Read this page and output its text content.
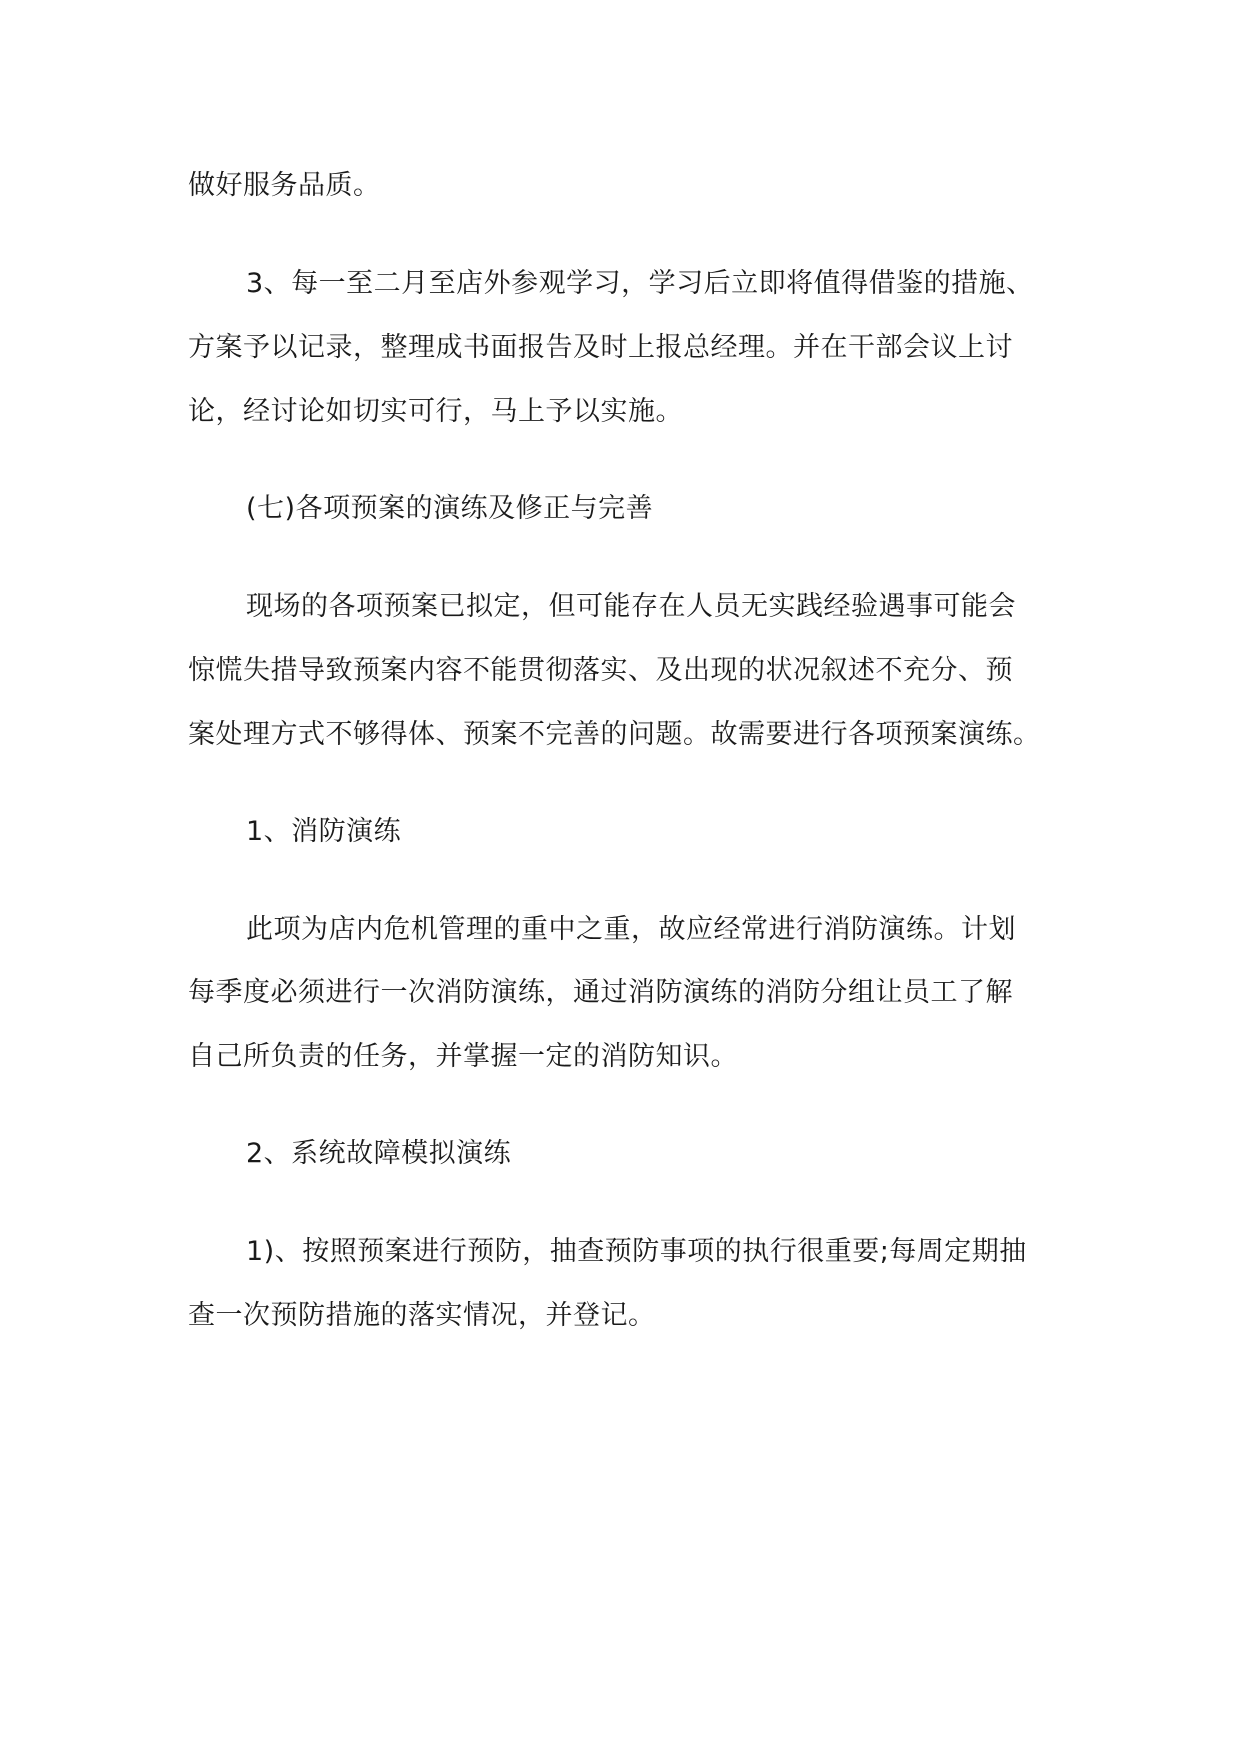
做好服务品质。

3、每一至二月至店外参观学习，学习后立即将值得借鉴的措施、

方案予以记录，整理成书面报告及时上报总经理。并在干部会议上讨

论，经讨论如切实可行，马上予以实施。

(七)各项预案的演练及修正与完善

现场的各项预案已拟定，但可能存在人员无实践经验遇事可能会

惊慌失措导致预案内容不能贯彻落实、及出现的状况叙述不充分、预

案处理方式不够得体、预案不完善的问题。故需要进行各项预案演练。

1、消防演练

此项为店内危机管理的重中之重，故应经常进行消防演练。计划

每季度必须进行一次消防演练，通过消防演练的消防分组让员工了解

自己所负责的任务，并掌握一定的消防知识。

2、系统故障模拟演练

1)、按照预案进行预防，抽查预防事项的执行很重要;每周定期抽

查一次预防措施的落实情况，并登记。
